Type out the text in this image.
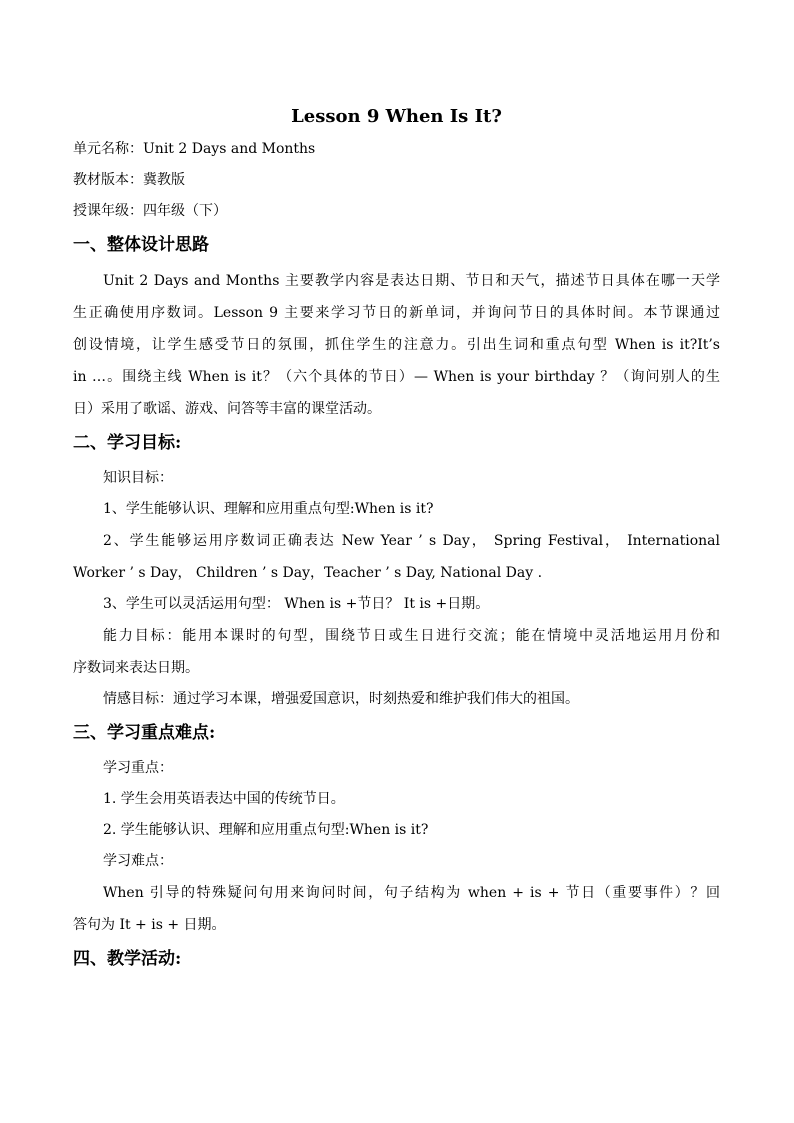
Lesson 9 When Is It?

单元名称：Unit 2 Days and Months

教材版本：冀教版

授课年级：四年级（下）

一、整体设计思路
Unit 2 Days and Months 主要教学内容是表达日期、节日和天气，描述节日具体在哪一天学
生正确使用序数词。Lesson 9 主要来学习节日的新单词，并询问节日的具体时间。本节课通过
创设情境，让学生感受节日的氛围，抓住学生的注意力。引出生词和重点句型 When is it?It’s
in …。围绕主线 When is it？（六个具体的节日）— When is your birthday ？（询问别人的生
日）采用了歌谣、游戏、问答等丰富的课堂活动。
二、学习目标:

知识目标：

1、学生能够认识、理解和应用重点句型:When is it?

2、学生能够运用序数词正确表达 New Year ’ s Day， Spring Festival， International
Worker ’ s Day， Children ’ s Day，Teacher ’ s Day, National Day .

3、学生可以灵活运用句型： When is +节日？ It is +日期。

能力目标：能用本课时的句型，围绕节日或生日进行交流；能在情境中灵活地运用月份和
序数词来表达日期。

情感目标：通过学习本课，增强爱国意识，时刻热爱和维护我们伟大的祖国。

三、学习重点难点:

学习重点：

1. 学生会用英语表达中国的传统节日。

2. 学生能够认识、理解和应用重点句型:When is it?

学习难点：

When 引导的特殊疑问句用来询问时间，句子结构为 when + is + 节日（重要事件）？回
答句为 It + is + 日期。
四、教学活动:
